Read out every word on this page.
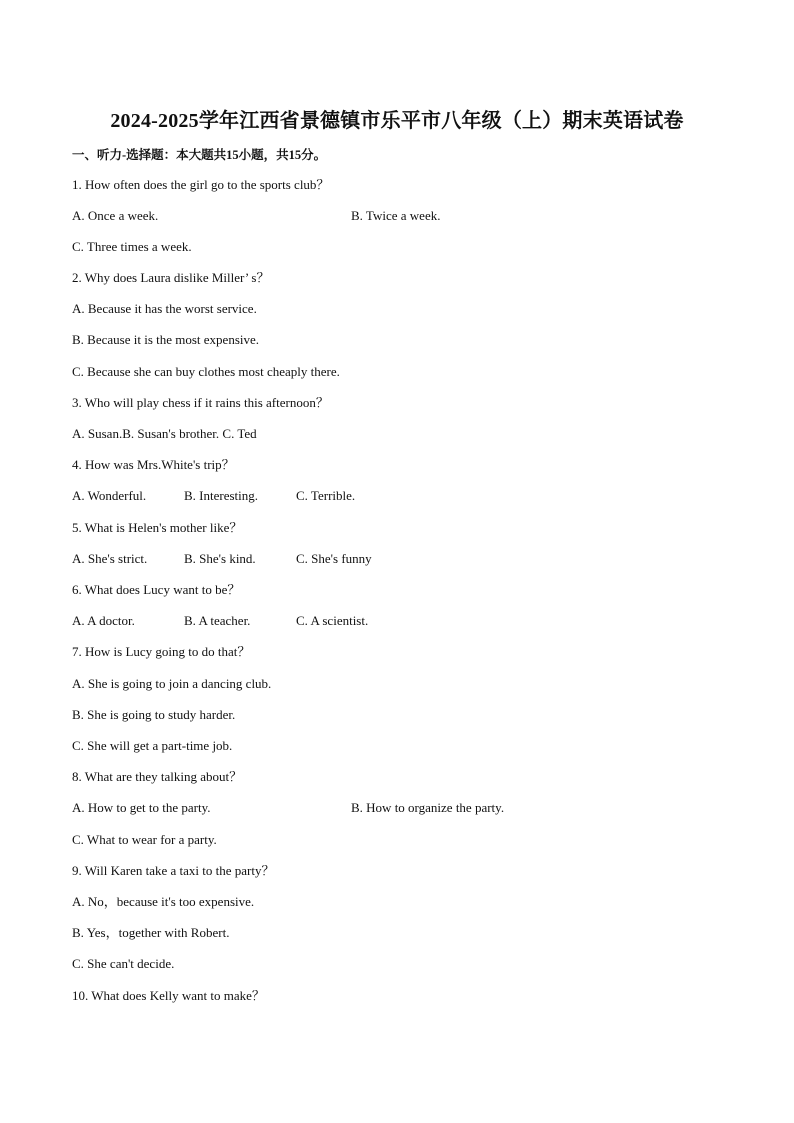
2024-2025学年江西省景德镇市乐平市八年级（上）期末英语试卷
一、听力-选择题：本大题共15小题，共15分。
1. How often does the girl go to the sports club？
A. Once a week.	B. Twice a week.
C. Three times a week.
2. Why does Laura dislike Miller’ s？
A. Because it has the worst service.
B. Because it is the most expensive.
C. Because she can buy clothes most cheaply there.
3. Who will play chess if it rains this afternoon？
A. Susan.B. Susan's brother. C. Ted
4. How was Mrs.White's trip？
A. Wonderful.	B. Interesting.	C. Terrible.
5. What is Helen's mother like？
A. She's strict.	B. She's kind.	C. She's funny
6. What does Lucy want to be？
A. A doctor.	B. A teacher.	C. A scientist.
7. How is Lucy going to do that？
A. She is going to join a dancing club.
B. She is going to study harder.
C. She will get a part-time job.
8. What are they talking about？
A. How to get to the party.	B. How to organize the party.
C. What to wear for a party.
9. Will Karen take a taxi to the party？
A. No，because it's too expensive.
B. Yes，together with Robert.
C. She can't decide.
10. What does Kelly want to make？
